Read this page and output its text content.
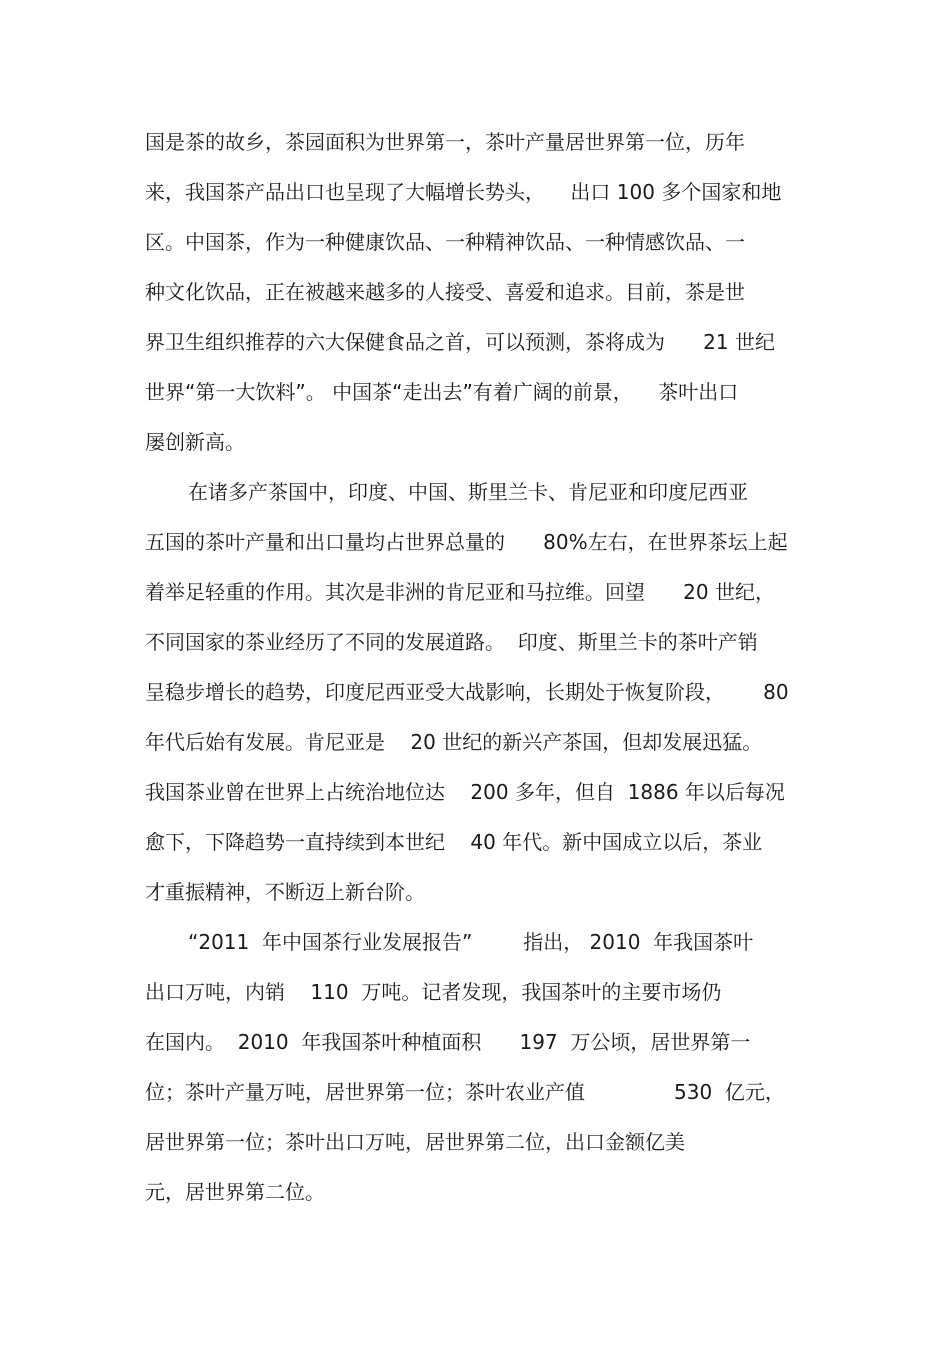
国是茶的故乡，茶园面积为世界第一，茶叶产量居世界第一位，历年
来，我国茶产品出口也呈现了大幅增长势头，    出口 100 多个国家和地
区。中国茶，作为一种健康饮品、一种精神饮品、一种情感饮品、一
种文化饮品，正在被越来越多的人接受、喜爱和追求。目前，茶是世
界卫生组织推荐的六大保健食品之首，可以预测，茶将成为      21 世纪
世界“第一大饮料”。 中国茶“走出去”有着广阔的前景，    茶叶出口
屡创新高。
在诸多产茶国中，印度、中国、斯里兰卡、肯尼亚和印度尼西亚
五国的茶叶产量和出口量均占世界总量的      80%左右，在世界茶坛上起
着举足轻重的作用。其次是非洲的肯尼亚和马拉维。回望      20 世纪，
不同国家的茶业经历了不同的发展道路。  印度、斯里兰卡的茶叶产销
呈稳步增长的趋势，印度尼西亚受大战影响，长期处于恢复阶段，      80
年代后始有发展。肯尼亚是    20 世纪的新兴产茶国，但却发展迅猛。
我国茶业曾在世界上占统治地位达    200 多年，但自  1886 年以后每况
愈下，下降趋势一直持续到本世纪    40 年代。新中国成立以后，茶业
才重振精神，不断迈上新台阶。
“2011  年中国茶行业发展报告”        指出， 2010  年我国茶叶
出口万吨，内销    110  万吨。记者发现，我国茶叶的主要市场仍
在国内。  2010  年我国茶叶种植面积      197  万公顷，居世界第一
位；茶叶产量万吨，居世界第一位；茶叶农业产值              530  亿元，
居世界第一位；茶叶出口万吨，居世界第二位，出口金额亿美
元，居世界第二位。
